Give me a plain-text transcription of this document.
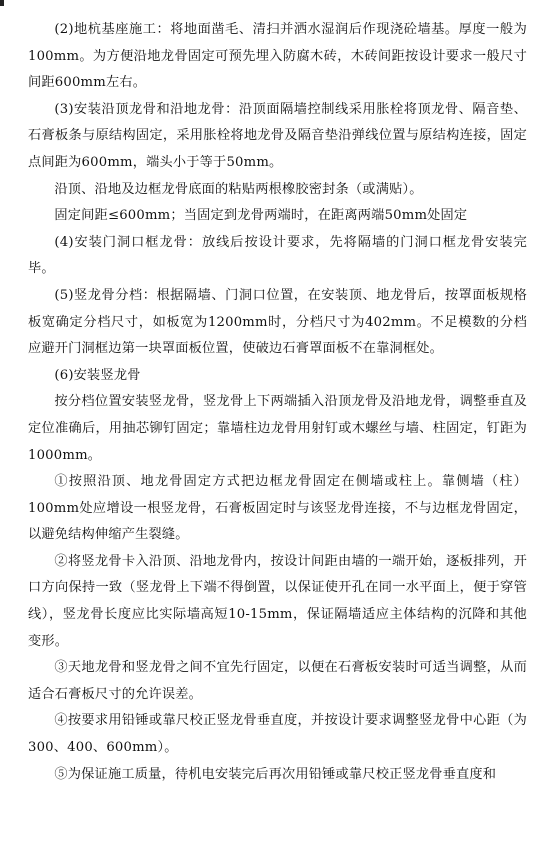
(2)地杭基座施工：将地面凿毛、清扫并洒水湿润后作现浇砼墙基。厚度一般为100mm。为方便沿地龙骨固定可预先埋入防腐木砖，木砖间距按设计要求一般尺寸间距600mm左右。

(3)安装沿顶龙骨和沿地龙骨：沿顶面隔墙控制线采用胀栓将顶龙骨、隔音垫、石膏板条与原结构固定，采用胀栓将地龙骨及隔音垫沿弹线位置与原结构连接，固定点间距为600mm，端头小于等于50mm。

沿顶、沿地及边框龙骨底面的粘贴两根橡胶密封条（或满贴）。

固定间距≤600mm；当固定到龙骨两端时，在距离两端50mm处固定

(4)安装门洞口框龙骨：放线后按设计要求，先将隔墙的门洞口框龙骨安装完毕。

(5)竖龙骨分档：根据隔墙、门洞口位置，在安装顶、地龙骨后，按罩面板规格板宽确定分档尺寸，如板宽为1200mm时，分档尺寸为402mm。不足模数的分档应避开门洞框边第一块罩面板位置，使破边石膏罩面板不在靠洞框处。

(6)安装竖龙骨

按分档位置安装竖龙骨，竖龙骨上下两端插入沿顶龙骨及沿地龙骨，调整垂直及定位准确后，用抽芯铆钉固定；靠墙柱边龙骨用射钉或木螺丝与墙、柱固定，钉距为1000mm。

①按照沿顶、地龙骨固定方式把边框龙骨固定在侧墙或柱上。靠侧墙（柱）100mm处应增设一根竖龙骨，石膏板固定时与该竖龙骨连接，不与边框龙骨固定，以避免结构伸缩产生裂缝。

②将竖龙骨卡入沿顶、沿地龙骨内，按设计间距由墙的一端开始，逐板排列，开口方向保持一致（竖龙骨上下端不得倒置，以保证使开孔在同一水平面上，便于穿管线），竖龙骨长度应比实际墙高短10-15mm，保证隔墙适应主体结构的沉降和其他变形。

③天地龙骨和竖龙骨之间不宜先行固定，以便在石膏板安装时可适当调整，从而适合石膏板尺寸的允许误差。

④按要求用铅锤或靠尺校正竖龙骨垂直度，并按设计要求调整竖龙骨中心距（为300、400、600mm）。

⑤为保证施工质量，待机电安装完后再次用铅锤或靠尺校正竖龙骨垂直度和
